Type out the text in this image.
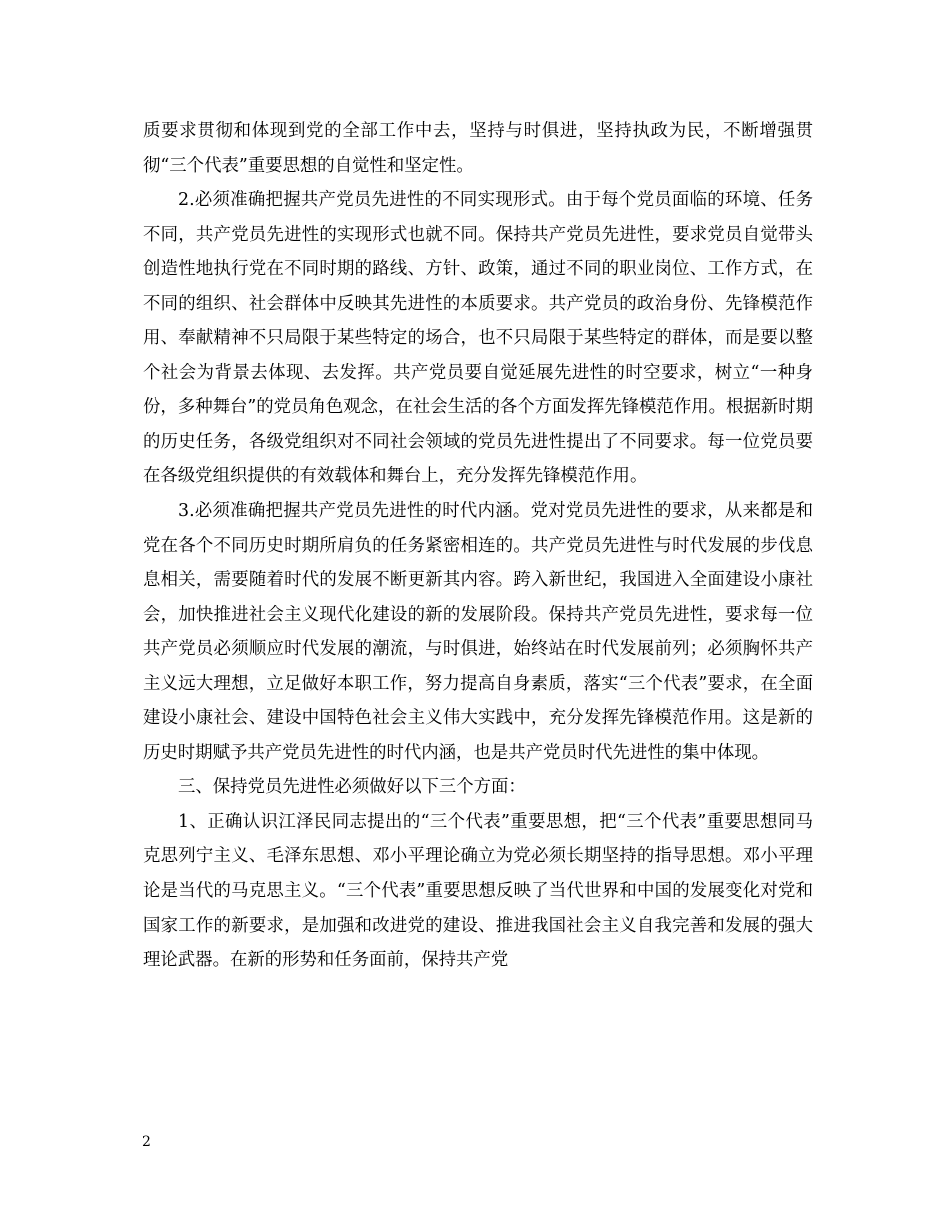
质要求贯彻和体现到党的全部工作中去，坚持与时俱进，坚持执政为民，不断增强贯彻“三个代表”重要思想的自觉性和坚定性。

2.必须准确把握共产党员先进性的不同实现形式。由于每个党员面临的环境、任务不同，共产党员先进性的实现形式也就不同。保持共产党员先进性，要求党员自觉带头创造性地执行党在不同时期的路线、方针、政策，通过不同的职业岗位、工作方式，在不同的组织、社会群体中反映其先进性的本质要求。共产党员的政治身份、先锋模范作用、奉献精神不只局限于某些特定的场合，也不只局限于某些特定的群体，而是要以整个社会为背景去体现、去发挥。共产党员要自觉延展先进性的时空要求，树立“一种身份，多种舞台”的党员角色观念，在社会生活的各个方面发挥先锋模范作用。根据新时期的历史任务，各级党组织对不同社会领域的党员先进性提出了不同要求。每一位党员要在各级党组织提供的有效载体和舞台上，充分发挥先锋模范作用。

3.必须准确把握共产党员先进性的时代内涵。党对党员先进性的要求，从来都是和党在各个不同历史时期所肩负的任务紧密相连的。共产党员先进性与时代发展的步伐息息相关，需要随着时代的发展不断更新其内容。跨入新世纪，我国进入全面建设小康社会，加快推进社会主义现代化建设的新的发展阶段。保持共产党员先进性，要求每一位共产党员必须顺应时代发展的潮流，与时俱进，始终站在时代发展前列；必须胸怀共产主义远大理想，立足做好本职工作，努力提高自身素质，落实“三个代表”要求，在全面建设小康社会、建设中国特色社会主义伟大实践中，充分发挥先锋模范作用。这是新的历史时期赋予共产党员先进性的时代内涵，也是共产党员时代先进性的集中体现。

三、保持党员先进性必须做好以下三个方面：

1、正确认识江泽民同志提出的“三个代表”重要思想，把“三个代表”重要思想同马克思列宁主义、毛泽东思想、邓小平理论确立为党必须长期坚持的指导思想。邓小平理论是当代的马克思主义。“三个代表”重要思想反映了当代世界和中国的发展变化对党和国家工作的新要求，是加强和改进党的建设、推进我国社会主义自我完善和发展的强大理论武器。在新的形势和任务面前，保持共产党

2
